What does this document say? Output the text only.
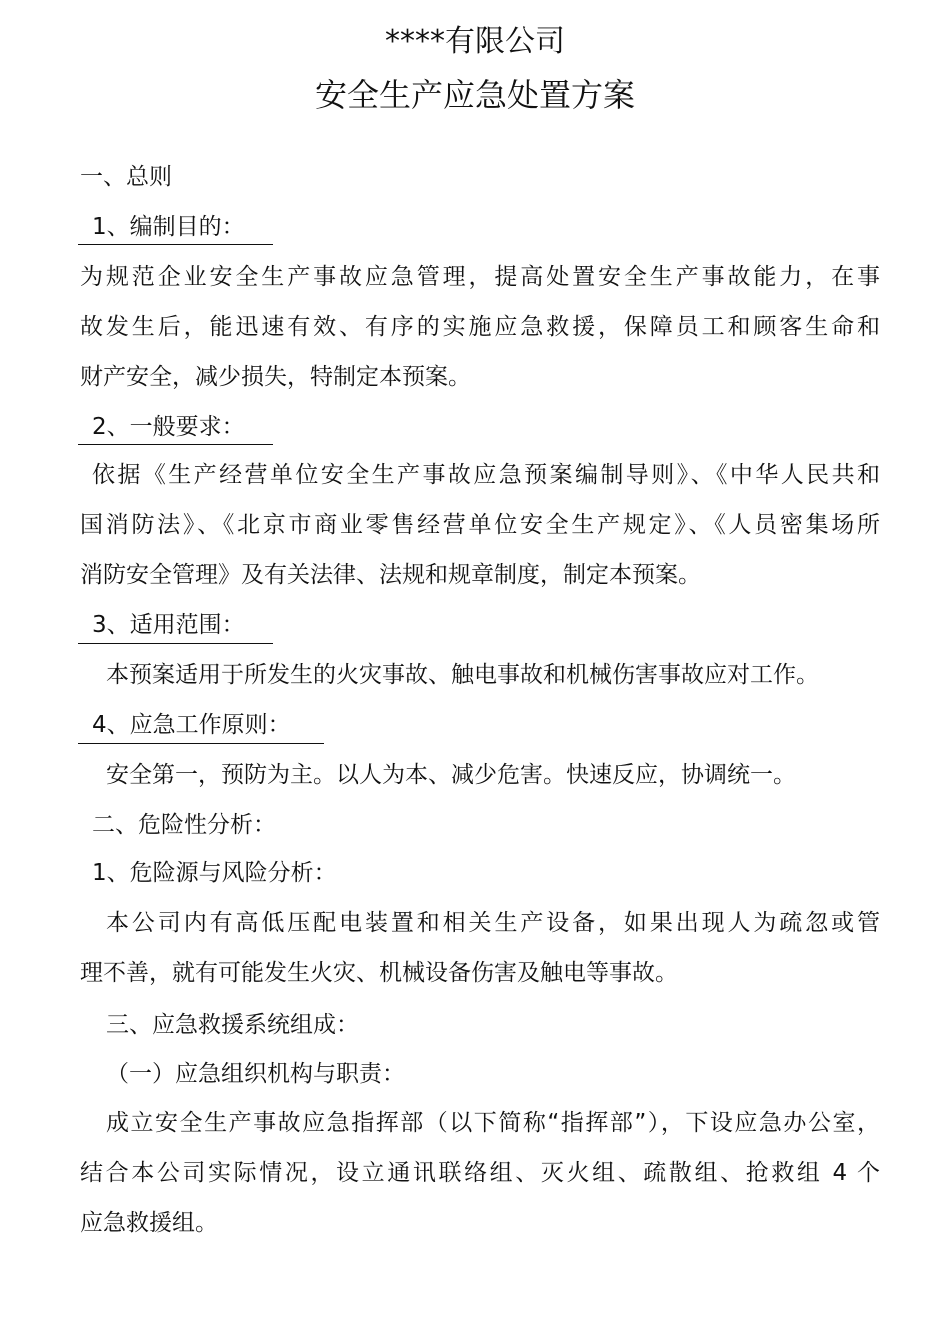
****有限公司
安全生产应急处置方案
一、总则
1、编制目的：
为规范企业安全生产事故应急管理，提高处置安全生产事故能力，在事
故发生后，能迅速有效、有序的实施应急救援，保障员工和顾客生命和
财产安全，减少损失，特制定本预案。
2、一般要求：
依据《生产经营单位安全生产事故应急预案编制导则》、《中华人民共和
国消防法》、《北京市商业零售经营单位安全生产规定》、《人员密集场所
消防安全管理》及有关法律、法规和规章制度，制定本预案。
3、适用范围：
本预案适用于所发生的火灾事故、触电事故和机械伤害事故应对工作。
4、应急工作原则：
安全第一，预防为主。以人为本、减少危害。快速反应，协调统一。
二、危险性分析：
1、危险源与风险分析：
本公司内有高低压配电装置和相关生产设备，如果出现人为疏忽或管
理不善，就有可能发生火灾、机械设备伤害及触电等事故。
三、应急救援系统组成：
（一）应急组织机构与职责：
成立安全生产事故应急指挥部（以下简称“指挥部”），下设应急办公室，
结合本公司实际情况，设立通讯联络组、灭火组、疏散组、抢救组 4 个
应急救援组。
